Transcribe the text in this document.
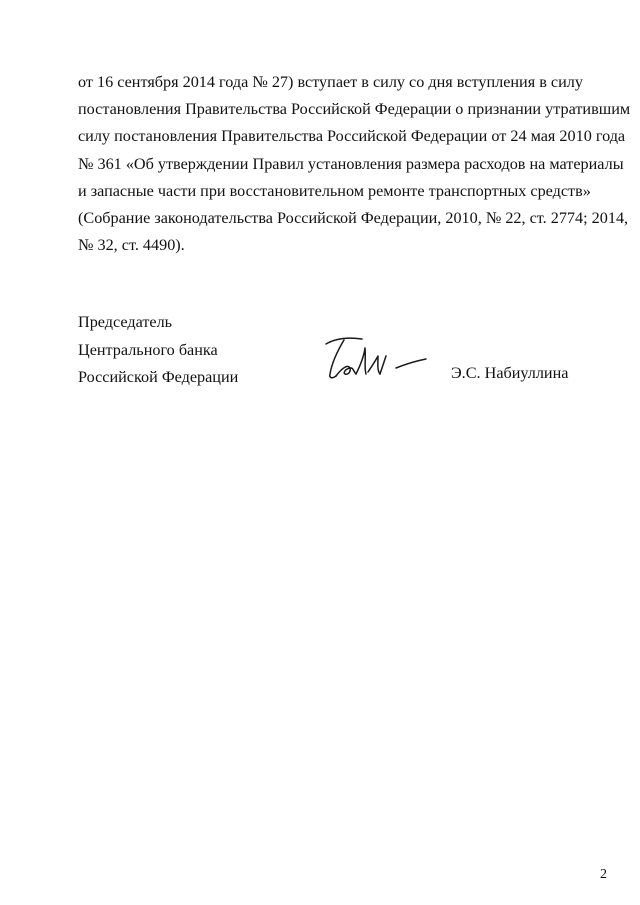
от 16 сентября 2014 года № 27) вступает в силу со дня вступления в силу
постановления Правительства Российской Федерации о признании утратившим
силу постановления Правительства Российской Федерации от 24 мая 2010 года
№ 361 «Об утверждении Правил установления размера расходов на материалы
и запасные части при восстановительном ремонте транспортных средств»
(Собрание законодательства Российской Федерации, 2010, № 22, ст. 2774; 2014,
№ 32, ст. 4490).
Председатель
Центрального банка
Российской Федерации	Э.С. Набиуллина
2
